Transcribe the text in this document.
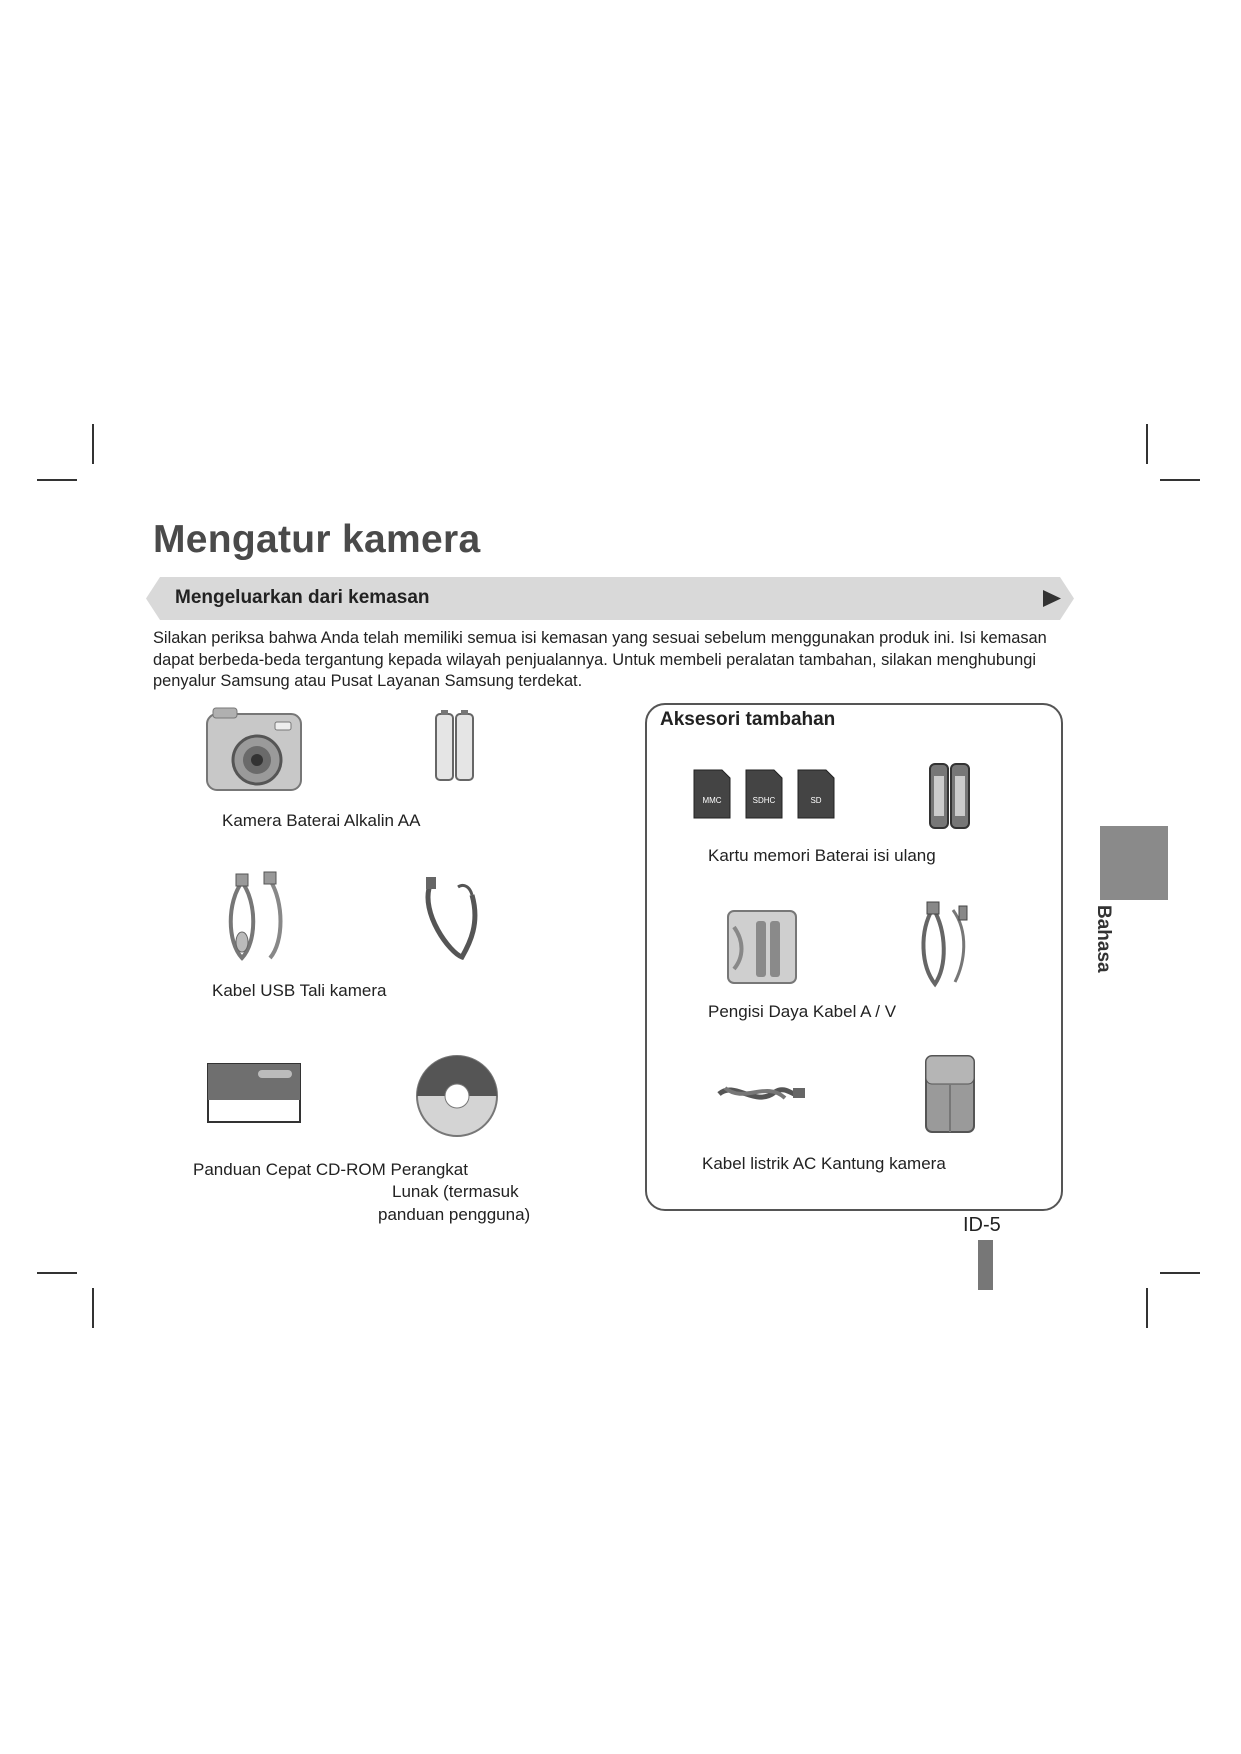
Mengatur kamera
Mengeluarkan dari kemasan
Silakan periksa bahwa Anda telah memiliki semua isi kemasan yang sesuai sebelum menggunakan produk ini. Isi kemasan dapat berbeda-beda tergantung kepada wilayah penjualannya. Untuk membeli peralatan tambahan, silakan menghubungi penyalur Samsung atau Pusat Layanan Samsung terdekat.
Kamera Baterai Alkalin AA
Kabel USB Tali kamera
Panduan Cepat CD-ROM Perangkat
Lunak (termasuk
panduan pengguna)
Aksesori tambahan
MMC	SDHC	SD
Kartu memori Baterai isi ulang
Pengisi Daya Kabel A / V
Kabel listrik AC Kantung kamera
Bahasa
ID-5
